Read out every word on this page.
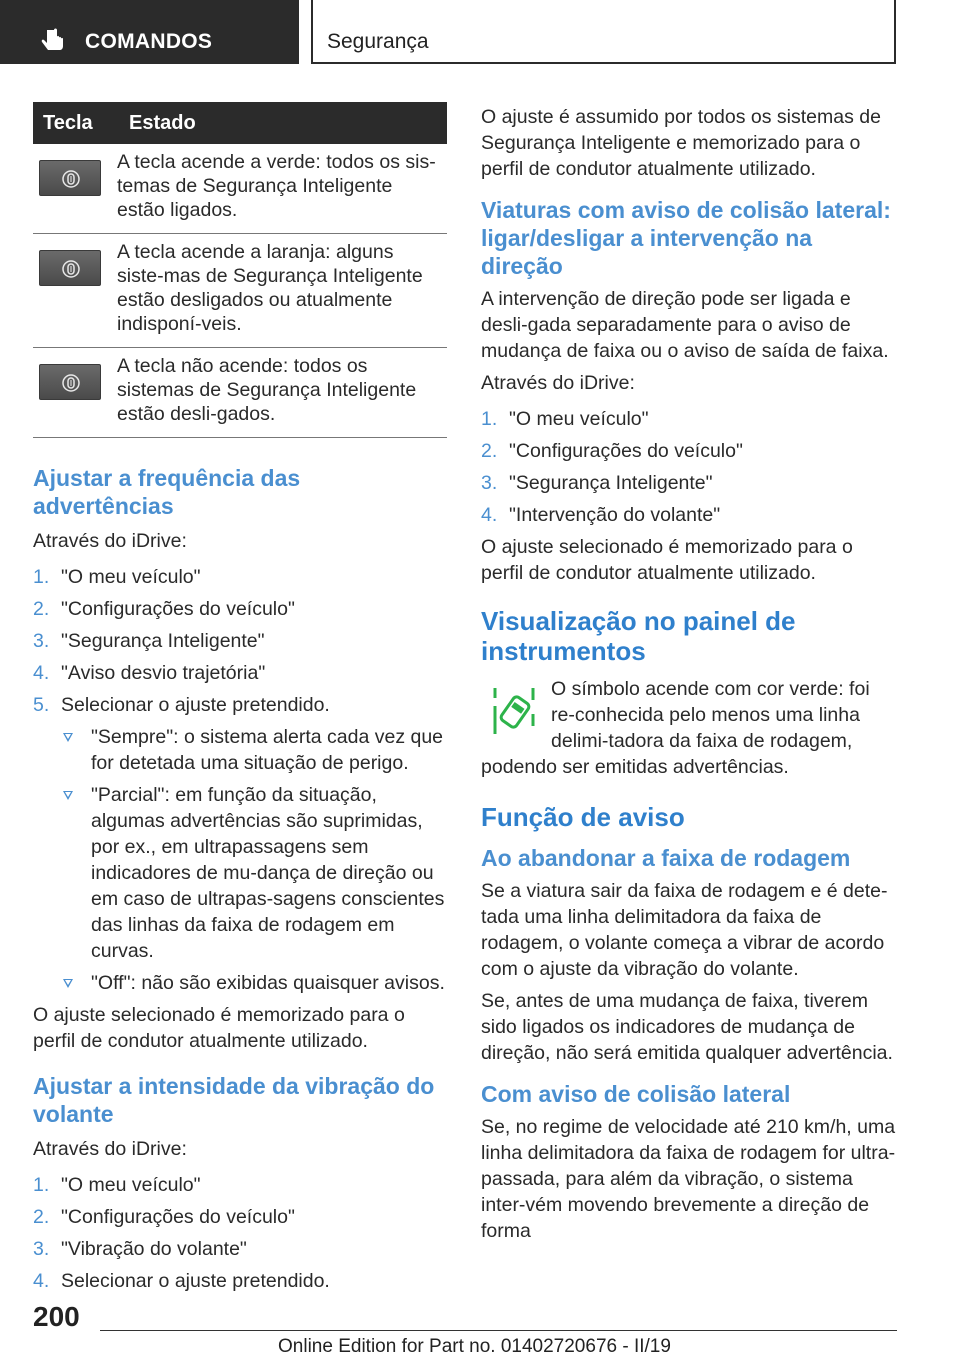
COMANDOS	Segurança
Tecla	Estado

	A tecla acende a verde: todos os sis-temas de Segurança Inteligente estão ligados.

	A tecla acende a laranja: alguns siste-mas de Segurança Inteligente estão desligados ou atualmente indisponí-veis.

	A tecla não acende: todos os sistemas de Segurança Inteligente estão desli-gados.
Ajustar a frequência das advertências

Através do iDrive:

1. "O meu veículo"
2. "Configurações do veículo"
3. "Segurança Inteligente"
4. "Aviso desvio trajetória"
5. Selecionar o ajuste pretendido.
"Sempre": o sistema alerta cada vez que for detetada uma situação de perigo.
"Parcial": em função da situação, algumas advertências são suprimidas, por ex., em ultrapassagens sem indicadores de mu-dança de direção ou em caso de ultrapas-sagens conscientes das linhas da faixa de rodagem em curvas.
"Off": não são exibidas quaisquer avisos.

O ajuste selecionado é memorizado para o perfil de condutor atualmente utilizado.

Ajustar a intensidade da vibração do volante

Através do iDrive:

1. "O meu veículo"
2. "Configurações do veículo"
3. "Vibração do volante"
4. Selecionar o ajuste pretendido.

O ajuste é assumido por todos os sistemas de Segurança Inteligente e memorizado para o perfil de condutor atualmente utilizado.

Viaturas com aviso de colisão lateral: ligar/desligar a intervenção na direção

A intervenção de direção pode ser ligada e desli-gada separadamente para o aviso de mudança de faixa ou o aviso de saída de faixa.

Através do iDrive:

1. "O meu veículo"
2. "Configurações do veículo"
3. "Segurança Inteligente"
4. "Intervenção do volante"

O ajuste selecionado é memorizado para o perfil de condutor atualmente utilizado.

Visualização no painel de instrumentos

O símbolo acende com cor verde: foi re-conhecida pelo menos uma linha delimi-tadora da faixa de rodagem, podendo ser emitidas advertências.

Função de aviso
Ao abandonar a faixa de rodagem

Se a viatura sair da faixa de rodagem e é dete-tada uma linha delimitadora da faixa de rodagem, o volante começa a vibrar de acordo com o ajuste da vibração do volante.

Se, antes de uma mudança de faixa, tiverem sido ligados os indicadores de mudança de direção, não será emitida qualquer advertência.

Com aviso de colisão lateral

Se, no regime de velocidade até 210 km/h, uma linha delimitadora da faixa de rodagem for ultra-passada, para além da vibração, o sistema inter-vém movendo brevemente a direção de forma

200
Online Edition for Part no. 01402720676 - II/19
